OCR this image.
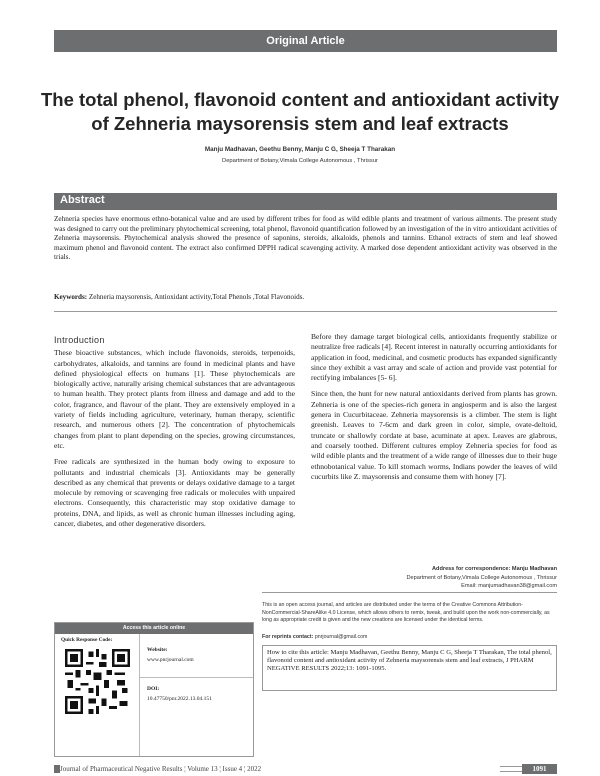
Original Article
The total phenol, flavonoid content and antioxidant activity of Zehneria maysorensis stem and leaf extracts
Manju Madhavan, Geethu Benny, Manju C G, Sheeja T Tharakan
Department of Botany,Vimala College Autonomous , Thrissur
Abstract
Zehneria species have enormous ethno-botanical value and are used by different tribes for food as wild edible plants and treatment of various ailments. The present study was designed to carry out the preliminary phytochemical screening, total phenol, flavonoid quantification followed by an investigation of the in vitro antioxidant activities of Zehneria maysorensis. Phytochemical analysis showed the presence of saponins, steroids, alkaloids, phenols and tannins. Ethanol extracts of stem and leaf showed maximum phenol and flavonoid content. The extract also confirmed DPPH radical scavenging activity. A marked dose dependent antioxidant activity was observed in the trials.
Keywords: Zehneria maysorensis, Antioxidant activity,Total Phenols ,Total Flavonoids.
Introduction

These bioactive substances, which include flavonoids, steroids, terpenoids, carbohydrates, alkaloids, and tannins are found in medicinal plants and have defined physiological effects on humans [1]. These phytochemicals are biologically active, naturally arising chemical substances that are advantageous to human health. They protect plants from illness and damage and add to the color, fragrance, and flavour of the plant. They are extensively employed in a variety of fields including agriculture, veterinary, human therapy, scientific research, and numerous others [2]. The concentration of phytochemicals changes from plant to plant depending on the species, growing circumstances, etc.

Free radicals are synthesized in the human body owing to exposure to pollutants and industrial chemicals [3]. Antioxidants may be generally described as any chemical that prevents or delays oxidative damage to a target molecule by removing or scavenging free radicals or molecules with unpaired electrons. Consequently, this characteristic may stop oxidative damage to proteins, DNA, and lipids, as well as chronic human illnesses including aging, cancer, diabetes, and other degenerative disorders.

Before they damage target biological cells, antioxidants frequently stabilize or neutralize free radicals [4]. Recent interest in naturally occurring antioxidants for application in food, medicinal, and cosmetic products has expanded significantly since they exhibit a vast array and scale of action and provide vast potential for rectifying imbalances [5- 6].

Since then, the hunt for new natural antioxidants derived from plants has grown. Zehneria is one of the species-rich genera in angiosperm and is also the largest genera in Cucurbitaceae. Zehneria maysorensis is a climber. The stem is light greenish. Leaves to 7-6cm and dark green in color, simple, ovate-deltoid, truncate or shallowly cordate at base, acuminate at apex. Leaves are glabrous, and coarsely toothed. Different cultures employ Zehneria species for food as wild edible plants and the treatment of a wide range of illnesses due to their huge ethnobotanical value. To kill stomach worms, Indians powder the leaves of wild cucurbits like Z. maysorensis and consume them with honey [7].

Address for correspondence: Manju Madhavan
Department of Botany,Vimala College Autonomous , Thrissur
Email: manjumadhavan38@gmail.com
Access this article online
Quick Response Code:
Website:
www.pnrjournal.com
DOI:
10.47750/pnr.2022.13.04.151
This is an open access journal, and articles are distributed under the terms of the Creative Commons Attribution-NonCommercial-ShareAlike 4.0 License, which allows others to remix, tweak, and build upon the work non-commercially, as long as appropriate credit is given and the new creations are licensed under the identical terms.
For reprints contact: pnrjournal@gmail.com
How to cite this article: Manju Madhavan, Geethu Benny, Manju C G, Sheeja T Tharakan, The total phenol, flavonoid content and antioxidant activity of Zehneria maysorensis stem and leaf extracts, J PHARM NEGATIVE RESULTS 2022;13: 1091-1095.
Journal of Pharmaceutical Negative Results ¦ Volume 13 ¦ Issue 4 ¦ 2022	1091
